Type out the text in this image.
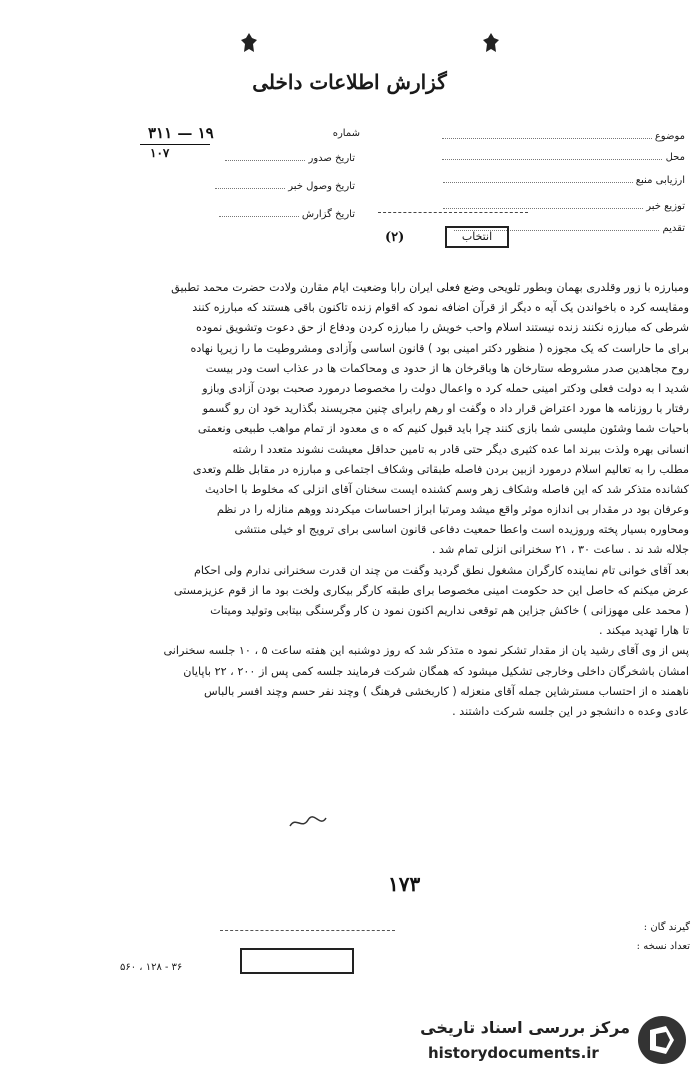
گزارش اطلاعات داخلی
شماره
۳۱۱ — ۱۹
۱۰۷	تاریخ صدور
تاریخ وصول خبر
تاریخ گزارش
موضوع
محل
ارزیابی منبع
توزیع خبر
تقدیم
انتخاب
(۲)
ومبارزه با زور وقلدری بهمان وبطور تلویحی وضع فعلی ایران رابا وضعیت ایام مقارن ولادت حضرت محمد تطبیق
ومقایسه کرد ه باخواندن یک آیه ه دیگر از قرآن اضافه نمود که اقوام زنده تاکنون باقی هستند که مبارزه کنند
شرطی که مبارزه نکنند زنده نیستند اسلام واحب خویش را مبارزه کردن ودفاع از حق دعوت وتشویق نموده
برای ما حاراست که یک مجوزه ( منظور دکتر امینی بود ) قانون اساسی وآزادی ومشروطیت ما را زیرپا نهاده
روح مجاهدین صدر مشروطه ستارخان ها وباقرخان ها از حدود ی ومحاکمات ها در عذاب است ودر بیست
شدید ا به دولت فعلی ودکتر امینی حمله کرد ه واعمال دولت را مخصوصا درمورد صحبت بودن آزادی وبازو
رفتار با روزنامه ها مورد اعتراض قرار داد ه وگفت او رهم رابرای چنین مجریسند بگذارید خود ان رو گسمو
باحیات شما وشئون ملیسی شما بازی کنند چرا باید قبول کنیم که ه ی معدود از تمام مواهب طبیعی ونعمتی
انسانی بهره ولذت ببرند اما عده کثیری دیگر حتی قادر به تامین حداقل معیشت نشوند متعدد ا رشته
مطلب را به تعالیم اسلام درمورد ازبین بردن فاصله طبقاتی وشکاف اجتماعی و مبارزه در مقابل ظلم وتعدی
کشانده متذکر شد که این فاصله وشکاف زهر وسم کشنده ایست سخنان آقای انزلی که مخلوط با احادیث
وعرفان بود در مقدار بی اندازه موثر واقع میشد ومرتبا ابراز احساسات میکردند ووهم منازله را در نظم
ومحاوره بسیار پخته وروزیده است واعطا حمعیت دفاعی قانون اساسی برای ترویج او خیلی منتشی
جلاله شد ند . ساعت ۳۰ ، ۲۱ سخنرانی انزلی تمام شد .
بعد آقای خوانی تام نماینده کارگران مشغول نطق گردید وگفت من چند ان قدرت سخنرانی ندارم ولی احکام
عرض میکنم که حاصل این حد حکومت امینی مخصوصا برای طبقه کارگر بیکاری ولخت بود ما از قوم عزیزمستی
( محمد علی مهوزانی ) خاکش جزاین هم توقعی نداریم اکنون نمود ن کار وگرسنگی بیتابی وتولید ومیتات
تا هارا تهدید میکند .
پس از وی آقای رشید یان از مقدار تشکر نمود ه متذکر شد که روز دوشنبه این هفته ساعت ۵ ، ۱۰ جلسه سخنرانی
امشان باشخرگان داخلی وخارجی تشکیل میشود که همگان شرکت فرمایند جلسه کمی پس از ۲۰۰ ، ۲۲ باپایان
ناهمند ه از احتساب مسترشاین جمله آقای منعزله ( کاربخشی فرهنگ ) وچند نفر حسم وچند افسر بالباس
عادی وعده ه دانشجو در این جلسه شرکت داشتند .
۱۷۳
گیرند گان :
تعداد نسخه :
۵۶۰ ، ۱۲۸ - ۳۶
مرکز بررسی اسناد تاریخی
historydocuments.ir
